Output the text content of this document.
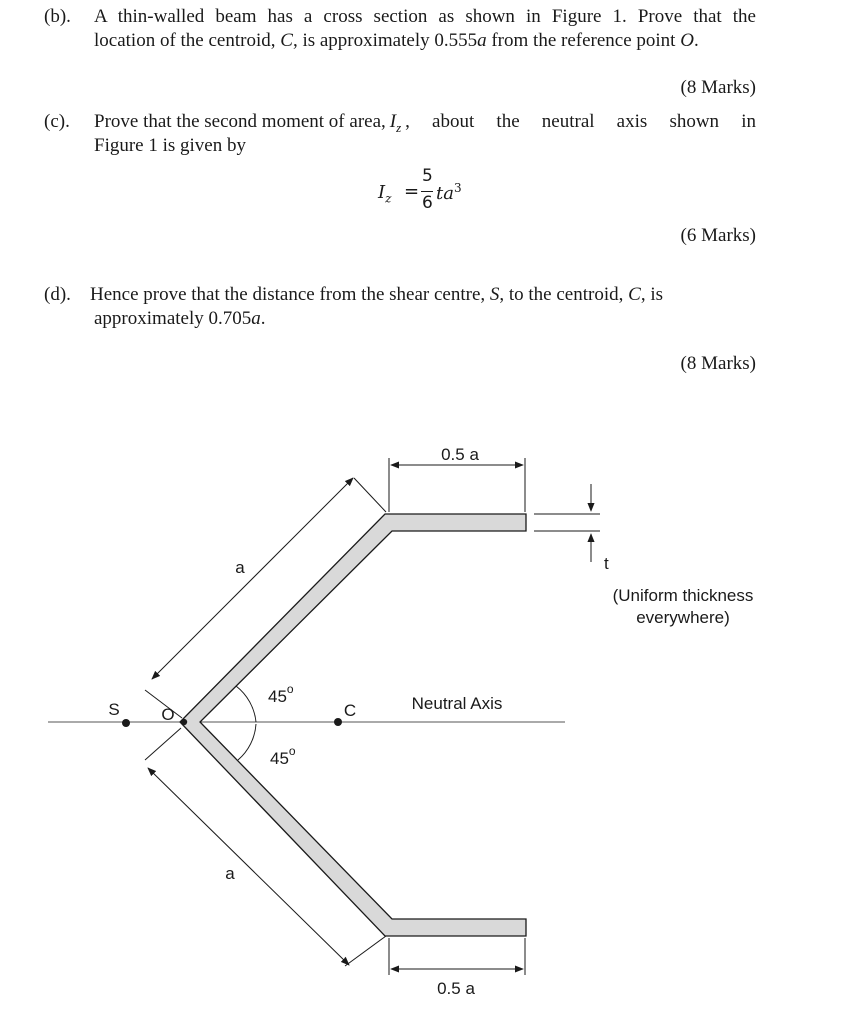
(b). A thin-walled beam has a cross section as shown in Figure 1. Prove that the
location of the centroid, C, is approximately 0.555a from the reference point O.
(8 Marks)
(c). Prove that the second moment of area, $I_z$ , about the neutral axis shown in
Figure 1 is given by
$I_z$ =
5
6 $ta^3$
(6 Marks)
(d). Hence prove that the distance from the shear centre, S, to the centroid, C, is
approximately 0.705a.
(8 Marks)
0.5 a
0.5 a
a
a
t
(Uniform thickness
everywhere)
45$^o$
45$^o$
S O	C	Neutral Axis
